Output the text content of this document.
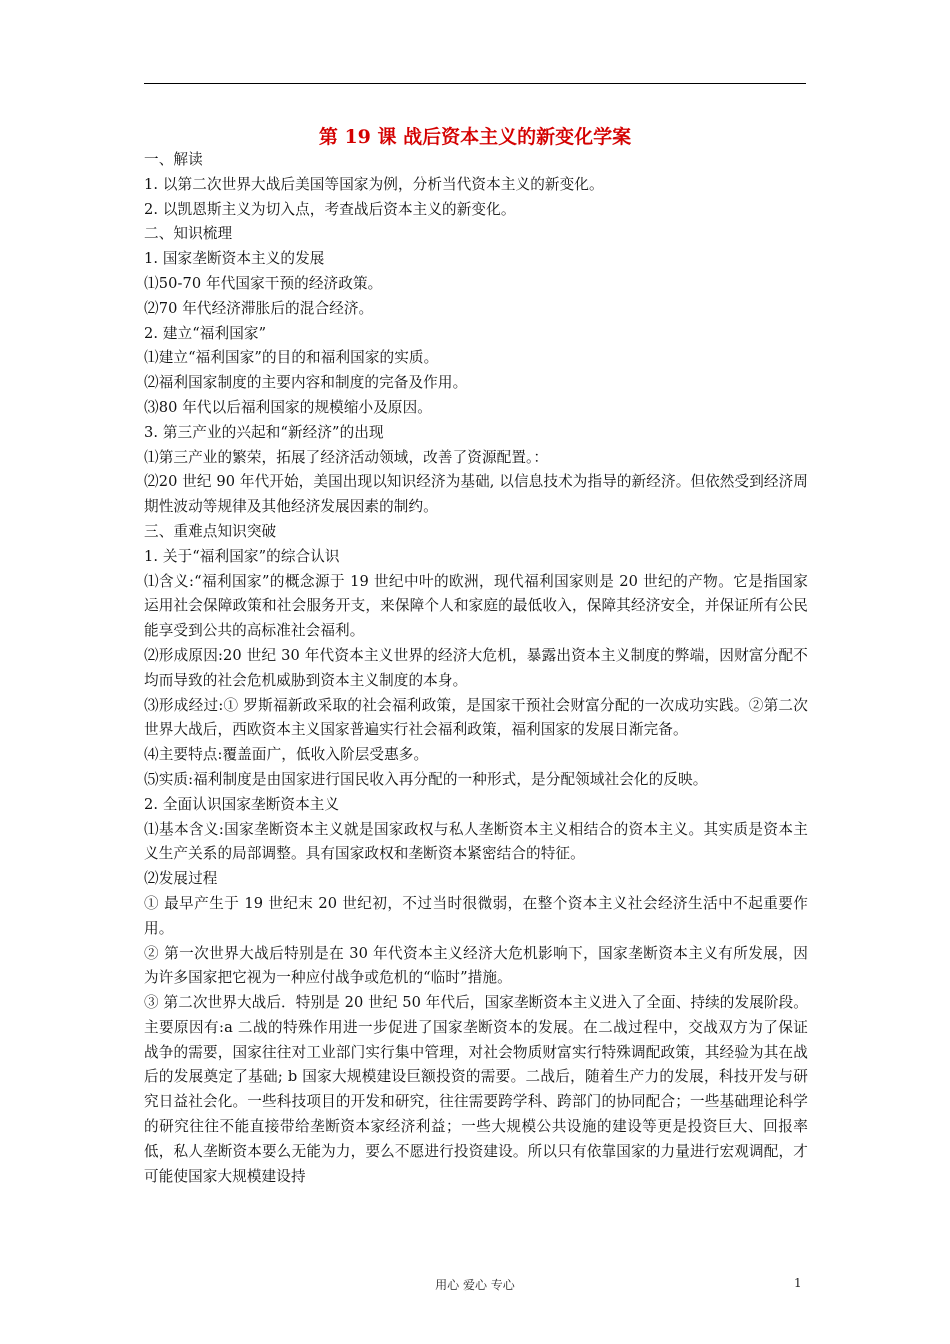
第 19 课 战后资本主义的新变化学案

一、解读

1. 以第二次世界大战后美国等国家为例，分析当代资本主义的新变化。

2. 以凯恩斯主义为切入点，考查战后资本主义的新变化。

二、知识梳理

1. 国家垄断资本主义的发展

⑴50-70 年代国家干预的经济政策。

⑵70 年代经济滞胀后的混合经济。

2. 建立“福利国家”

⑴建立“福利国家”的目的和福利国家的实质。

⑵福利国家制度的主要内容和制度的完备及作用。

⑶80 年代以后福利国家的规模缩小及原因。

3. 第三产业的兴起和“新经济”的出现

⑴第三产业的繁荣，拓展了经济活动领域，改善了资源配置。：

⑵20 世纪 90 年代开始，美国出现以知识经济为基础, 以信息技术为指导的新经济。但依然受到经济周期性波动等规律及其他经济发展因素的制约。

三、重难点知识突破

1. 关于“福利国家”的综合认识

⑴含义:“福利国家”的概念源于 19 世纪中叶的欧洲，现代福利国家则是 20 世纪的产物。它是指国家运用社会保障政策和社会服务开支，来保障个人和家庭的最低收入，保障其经济安全，并保证所有公民能享受到公共的高标准社会福利。

⑵形成原因:20 世纪 30 年代资本主义世界的经济大危机，暴露出资本主义制度的弊端，因财富分配不均而导致的社会危机威胁到资本主义制度的本身。

⑶形成经过:① 罗斯福新政采取的社会福利政策，是国家干预社会财富分配的一次成功实践。②第二次世界大战后，西欧资本主义国家普遍实行社会福利政策，福利国家的发展日渐完备。

⑷主要特点:覆盖面广，低收入阶层受惠多。

⑸实质:福利制度是由国家进行国民收入再分配的一种形式，是分配领域社会化的反映。

2. 全面认识国家垄断资本主义

⑴基本含义:国家垄断资本主义就是国家政权与私人垄断资本主义相结合的资本主义。其实质是资本主义生产关系的局部调整。具有国家政权和垄断资本紧密结合的特征。

⑵发展过程

① 最早产生于 19 世纪末 20 世纪初，不过当时很微弱，在整个资本主义社会经济生活中不起重要作用。

② 第一次世界大战后特别是在 30 年代资本主义经济大危机影响下，国家垄断资本主义有所发展，因为许多国家把它视为一种应付战争或危机的“临时”措施。

③ 第二次世界大战后．特别是 20 世纪 50 年代后，国家垄断资本主义进入了全面、持续的发展阶段。主要原因有:a 二战的特殊作用进一步促进了国家垄断资本的发展。在二战过程中，交战双方为了保证战争的需要，国家往往对工业部门实行集中管理，对社会物质财富实行特殊调配政策，其经验为其在战后的发展奠定了基础; b 国家大规模建设巨额投资的需要。二战后，随着生产力的发展，科技开发与研究日益社会化。一些科技项目的开发和研究，往往需要跨学科、跨部门的协同配合；一些基础理论科学的研究往往不能直接带给垄断资本家经济利益；一些大规模公共设施的建设等更是投资巨大、回报率低，私人垄断资本要么无能为力，要么不愿进行投资建设。所以只有依靠国家的力量进行宏观调配，才可能使国家大规模建设持

用心 爱心 专心	1
